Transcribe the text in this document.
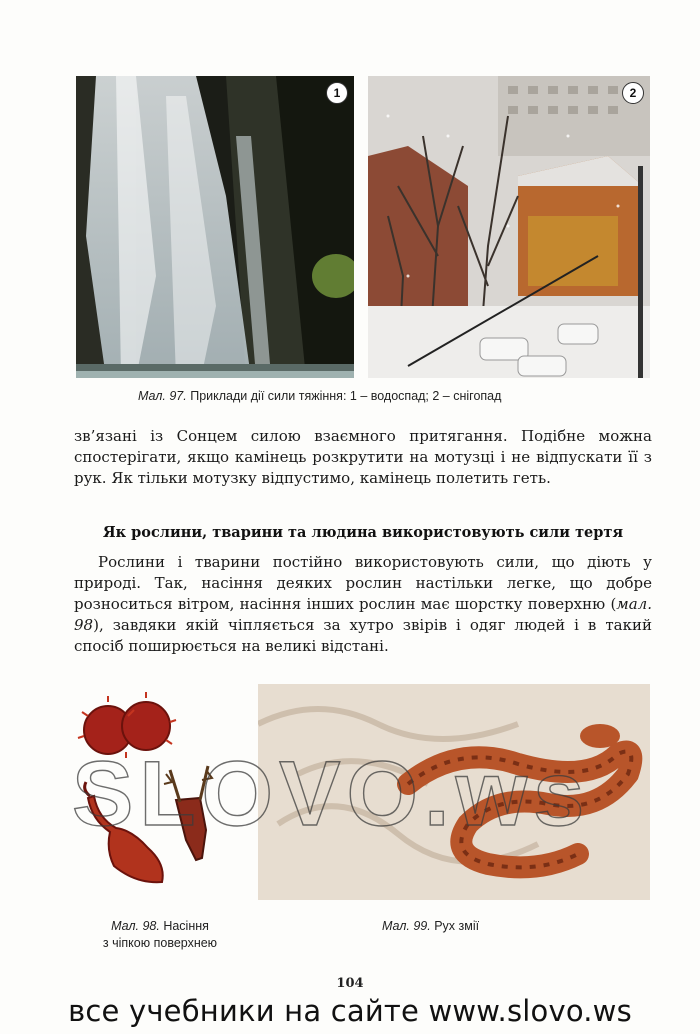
1	2
Мал. 97. Приклади дії сили тяжіння: 1 – водоспад; 2 – снігопад

зв’язані із Сонцем силою взаємного притягання. Подібне можна спостерігати, якщо камінець розкрутити на мотузці і не відпускати її з рук. Як тільки мотузку відпустимо, камінець полетить геть.

Як рослини, тварини та людина використовують сили тертя

Рослини і тварини постійно використовують сили, що діють у природі. Так, насіння деяких рослин настільки легке, що добре розноситься вітром, насіння інших рослин має шорстку поверхню (мал. 98), завдяки якій чіпляється за хутро звірів і одяг людей і в такий спосіб поширюється на великі відстані.

Мал. 98. Насіння
з чіпкою поверхнею
Мал. 99. Рух змії
SLOVO.ws
104
все учебники на сайте www.slovo.ws
